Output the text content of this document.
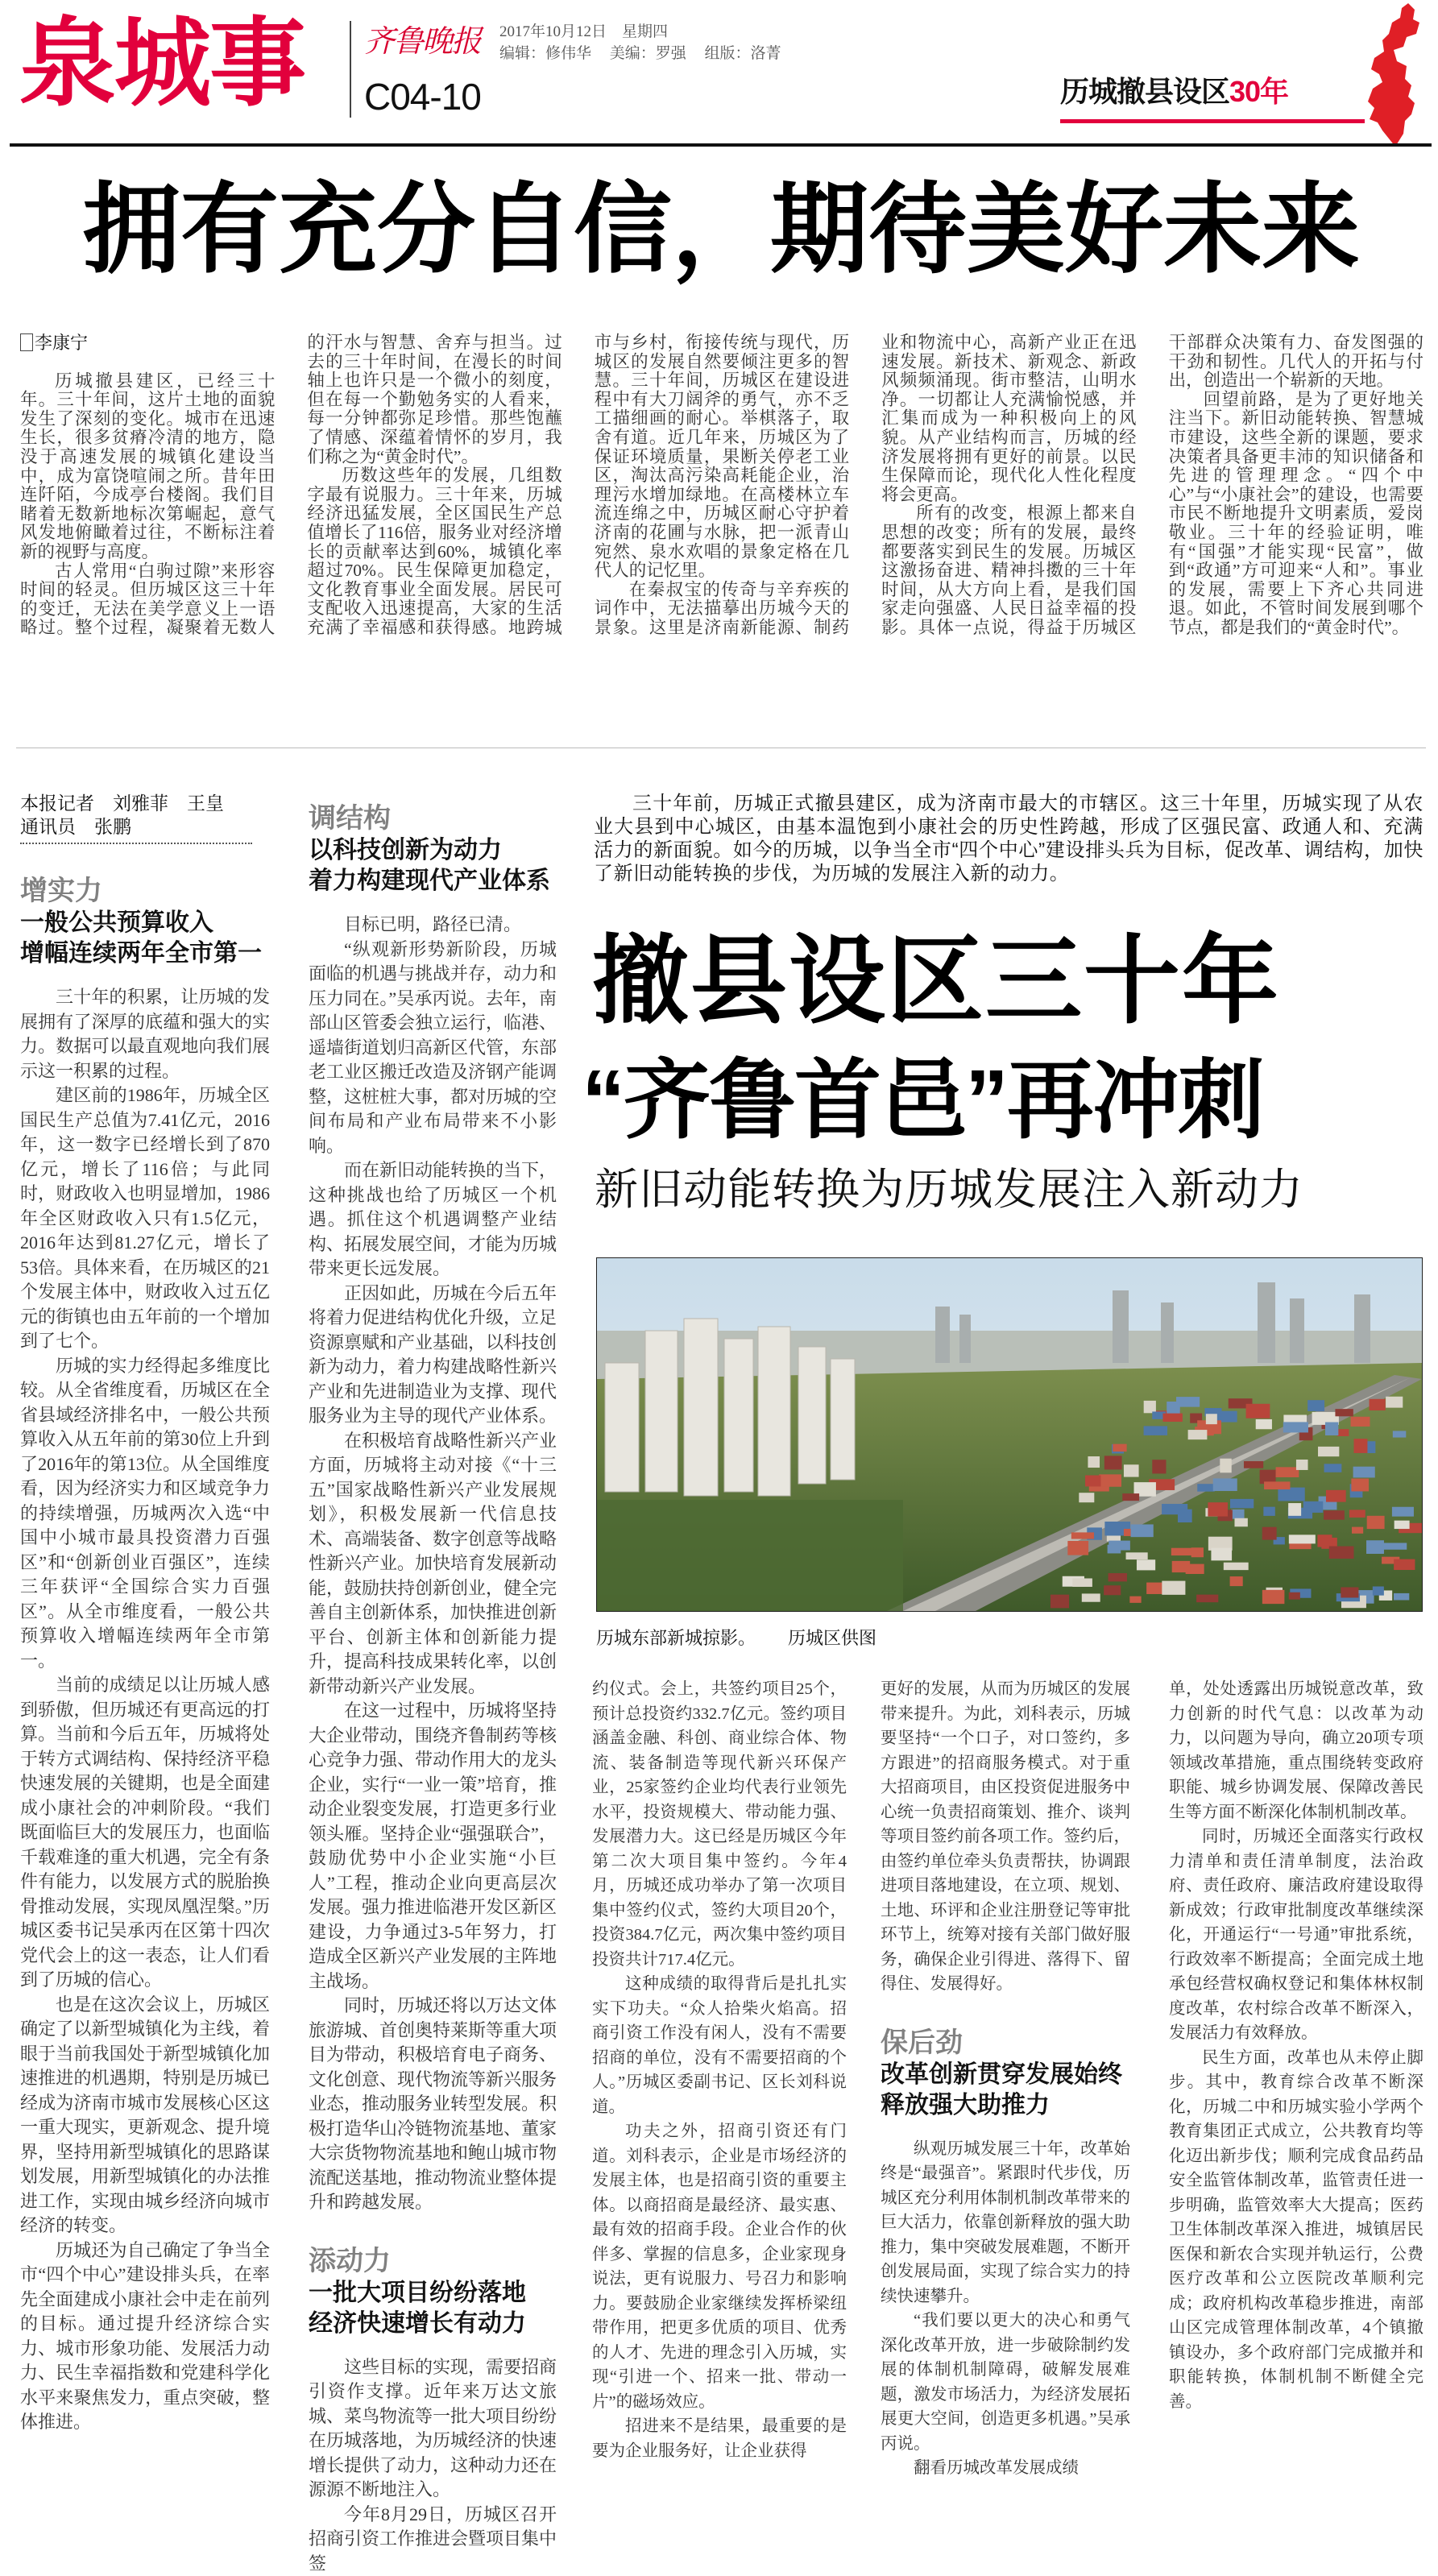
泉城事 齐鲁晚报 2017年10月12日　星期四
编辑：修伟华 美编：罗强 组版：洛菁
C04-10	历城撤县设区30年
拥有充分自信，期待美好未来
李康宁

历城撤县建区，已经三十年。三十年间，这片土地的面貌发生了深刻的变化。城市在迅速生长，很多贫瘠冷清的地方，隐没于高速发展的城镇化建设当中，成为富饶喧闹之所。昔年田连阡陌，今成亭台楼阁。我们目睹着无数新地标次第崛起，意气风发地俯瞰着过往，不断标注着新的视野与高度。

古人常用“白驹过隙”来形容时间的轻灵。但历城区这三十年的变迁，无法在美学意义上一语略过。整个过程，凝聚着无数人的汗水与智慧、舍弃与担当。过去的三十年时间，在漫长的时间轴上也许只是一个微小的刻度，但在每一个勤勉务实的人看来，每一分钟都弥足珍惜。那些饱蘸了情感、深蕴着情怀的岁月，我们称之为“黄金时代”。

历数这些年的发展，几组数字最有说服力。三十年来，历城经济迅猛发展，全区国民生产总值增长了116倍，服务业对经济增长的贡献率达到60%，城镇化率超过70%。民生保障更加稳定，文化教育事业全面发展。居民可支配收入迅速提高，大家的生活充满了幸福感和获得感。地跨城市与乡村，衔接传统与现代，历城区的发展自然要倾注更多的智慧。三十年间，历城区在建设进程中有大刀阔斧的勇气，亦不乏工描细画的耐心。举棋落子，取舍有道。近几年来，历城区为了保证环境质量，果断关停老工业区，淘汰高污染高耗能企业，治理污水增加绿地。在高楼林立车流连绵之中，历城区耐心守护着济南的花圃与水脉，把一派青山宛然、泉水欢唱的景象定格在几代人的记忆里。

在秦叔宝的传奇与辛弃疾的词作中，无法描摹出历城今天的景象。这里是济南新能源、制药业和物流中心，高新产业正在迅速发展。新技术、新观念、新政风频频涌现。街市整洁，山明水净。一切都让人充满愉悦感，并汇集而成为一种积极向上的风貌。从产业结构而言，历城的经济发展将拥有更好的前景。以民生保障而论，现代化人性化程度将会更高。

所有的改变，根源上都来自思想的改变；所有的发展，最终都要落实到民生的发展。历城区这激扬奋进、精神抖擞的三十年时间，从大方向上看，是我们国家走向强盛、人民日益幸福的投影。具体一点说，得益于历城区干部群众决策有力、奋发图强的干劲和韧性。几代人的开拓与付出，创造出一个崭新的天地。

回望前路，是为了更好地关注当下。新旧动能转换、智慧城市建设，这些全新的课题，要求决策者具备更丰沛的知识储备和先进的管理理念。“四个中心”与“小康社会”的建设，也需要市民不断地提升文明素质，爱岗敬业。三十年的经验证明，唯有“国强”才能实现“民富”，做到“政通”方可迎来“人和”。事业的发展，需要上下齐心共同进退。如此，不管时间发展到哪个节点，都是我们的“黄金时代”。

本报记者　刘雅菲　王皇
通讯员　张鹏
增实力
一般公共预算收入
增幅连续两年全市第一

三十年的积累，让历城的发展拥有了深厚的底蕴和强大的实力。数据可以最直观地向我们展示这一积累的过程。

建区前的1986年，历城全区国民生产总值为7.41亿元，2016年，这一数字已经增长到了870亿元，增长了116倍；与此同时，财政收入也明显增加，1986年全区财政收入只有1.5亿元，2016年达到81.27亿元，增长了53倍。具体来看，在历城区的21个发展主体中，财政收入过五亿元的街镇也由五年前的一个增加到了七个。

历城的实力经得起多维度比较。从全省维度看，历城区在全省县域经济排名中，一般公共预算收入从五年前的第30位上升到了2016年的第13位。从全国维度看，因为经济实力和区域竞争力的持续增强，历城两次入选“中国中小城市最具投资潜力百强区”和“创新创业百强区”，连续三年获评“全国综合实力百强区”。从全市维度看，一般公共预算收入增幅连续两年全市第一。

当前的成绩足以让历城人感到骄傲，但历城还有更高远的打算。当前和今后五年，历城将处于转方式调结构、保持经济平稳快速发展的关键期，也是全面建成小康社会的冲刺阶段。“我们既面临巨大的发展压力，也面临千载难逢的重大机遇，完全有条件有能力，以发展方式的脱胎换骨推动发展，实现凤凰涅槃。”历城区委书记吴承丙在区第十四次党代会上的这一表态，让人们看到了历城的信心。

也是在这次会议上，历城区确定了以新型城镇化为主线，着眼于当前我国处于新型城镇化加速推进的机遇期，特别是历城已经成为济南市城市发展核心区这一重大现实，更新观念、提升境界，坚持用新型城镇化的思路谋划发展，用新型城镇化的办法推进工作，实现由城乡经济向城市经济的转变。

历城还为自己确定了争当全市“四个中心”建设排头兵，在率先全面建成小康社会中走在前列的目标。通过提升经济综合实力、城市形象功能、发展活力动力、民生幸福指数和党建科学化水平来聚焦发力，重点突破，整体推进。

调结构
以科技创新为动力
着力构建现代产业体系

目标已明，路径已清。

“纵观新形势新阶段，历城面临的机遇与挑战并存，动力和压力同在。”吴承丙说。去年，南部山区管委会独立运行，临港、遥墙街道划归高新区代管，东部老工业区搬迁改造及济钢产能调整，这桩桩大事，都对历城的空间布局和产业布局带来不小影响。

而在新旧动能转换的当下，这种挑战也给了历城区一个机遇。抓住这个机遇调整产业结构、拓展发展空间，才能为历城带来更长远发展。

正因如此，历城在今后五年将着力促进结构优化升级，立足资源禀赋和产业基础，以科技创新为动力，着力构建战略性新兴产业和先进制造业为支撑、现代服务业为主导的现代产业体系。

在积极培育战略性新兴产业方面，历城将主动对接《“十三五”国家战略性新兴产业发展规划》，积极发展新一代信息技术、高端装备、数字创意等战略性新兴产业。加快培育发展新动能，鼓励扶持创新创业，健全完善自主创新体系，加快推进创新平台、创新主体和创新能力提升，提高科技成果转化率，以创新带动新兴产业发展。

在这一过程中，历城将坚持大企业带动，围绕齐鲁制药等核心竞争力强、带动作用大的龙头企业，实行“一业一策”培育，推动企业裂变发展，打造更多行业领头雁。坚持企业“强强联合”，鼓励优势中小企业实施“小巨人”工程，推动企业向更高层次发展。强力推进临港开发区新区建设，力争通过3-5年努力，打造成全区新兴产业发展的主阵地主战场。

同时，历城还将以万达文体旅游城、首创奥特莱斯等重大项目为带动，积极培育电子商务、文化创意、现代物流等新兴服务业态，推动服务业转型发展。积极打造华山冷链物流基地、董家大宗货物物流基地和鲍山城市物流配送基地，推动物流业整体提升和跨越发展。

添动力
一批大项目纷纷落地
经济快速增长有动力

这些目标的实现，需要招商引资作支撑。近年来万达文旅城、菜鸟物流等一批大项目纷纷在历城落地，为历城经济的快速增长提供了动力，这种动力还在源源不断地注入。

今年8月29日，历城区召开招商引资工作推进会暨项目集中签

三十年前，历城正式撤县建区，成为济南市最大的市辖区。这三十年里，历城实现了从农业大县到中心城区，由基本温饱到小康社会的历史性跨越，形成了区强民富、政通人和、充满活力的新面貌。如今的历城，以争当全市“四个中心”建设排头兵为目标，促改革、调结构，加快了新旧动能转换的步伐，为历城的发展注入新的动力。
撤县设区三十年
“齐鲁首邑”再冲刺
新旧动能转换为历城发展注入新动力
历城东部新城掠影。 历城区供图

约仪式。会上，共签约项目25个，预计总投资约332.7亿元。签约项目涵盖金融、科创、商业综合体、物流、装备制造等现代新兴环保产业，25家签约企业均代表行业领先水平，投资规模大、带动能力强、发展潜力大。这已经是历城区今年第二次大项目集中签约。今年4月，历城还成功举办了第一次项目集中签约仪式，签约大项目20个，投资384.7亿元，两次集中签约项目投资共计717.4亿元。

这种成绩的取得背后是扎扎实实下功夫。“众人拾柴火焰高。招商引资工作没有闲人，没有不需要招商的单位，没有不需要招商的个人。”历城区委副书记、区长刘科说道。

功夫之外，招商引资还有门道。刘科表示，企业是市场经济的发展主体，也是招商引资的重要主体。以商招商是最经济、最实惠、最有效的招商手段。企业合作的伙伴多、掌握的信息多，企业家现身说法，更有说服力、号召力和影响力。要鼓励企业家继续发挥桥梁纽带作用，把更多优质的项目、优秀的人才、先进的理念引入历城，实现“引进一个、招来一批、带动一片”的磁场效应。

招进来不是结果，最重要的是要为企业服务好，让企业获得

更好的发展，从而为历城区的发展带来提升。为此，刘科表示，历城要坚持“一个口子，对口签约，多方跟进”的招商服务模式。对于重大招商项目，由区投资促进服务中心统一负责招商策划、推介、谈判等项目签约前各项工作。签约后，由签约单位牵头负责帮扶，协调跟进项目落地建设，在立项、规划、土地、环评和企业注册登记等审批环节上，统筹对接有关部门做好服务，确保企业引得进、落得下、留得住、发展得好。

保后劲
改革创新贯穿发展始终
释放强大助推力

纵观历城发展三十年，改革始终是“最强音”。紧跟时代步伐，历城区充分利用体制机制改革带来的巨大活力，依靠创新释放的强大助推力，集中突破发展难题，不断开创发展局面，实现了综合实力的持续快速攀升。

“我们要以更大的决心和勇气深化改革开放，进一步破除制约发展的体制机制障碍，破解发展难题，激发市场活力，为经济发展拓展更大空间，创造更多机遇。”吴承丙说。

翻看历城改革发展成绩

单，处处透露出历城锐意改革，致力创新的时代气息：以改革为动力，以问题为导向，确立20项专项领域改革措施，重点围绕转变政府职能、城乡协调发展、保障改善民生等方面不断深化体制机制改革。

同时，历城还全面落实行政权力清单和责任清单制度，法治政府、责任政府、廉洁政府建设取得新成效；行政审批制度改革继续深化，开通运行“一号通”审批系统，行政效率不断提高；全面完成土地承包经营权确权登记和集体林权制度改革，农村综合改革不断深入，发展活力有效释放。

民生方面，改革也从未停止脚步。其中，教育综合改革不断深化，历城二中和历城实验小学两个教育集团正式成立，公共教育均等化迈出新步伐；顺利完成食品药品安全监管体制改革，监管责任进一步明确，监管效率大大提高；医药卫生体制改革深入推进，城镇居民医保和新农合实现并轨运行，公费医疗改革和公立医院改革顺利完成；政府机构改革稳步推进，南部山区完成管理体制改革，4个镇撤镇设办，多个政府部门完成撤并和职能转换，体制机制不断健全完善。
